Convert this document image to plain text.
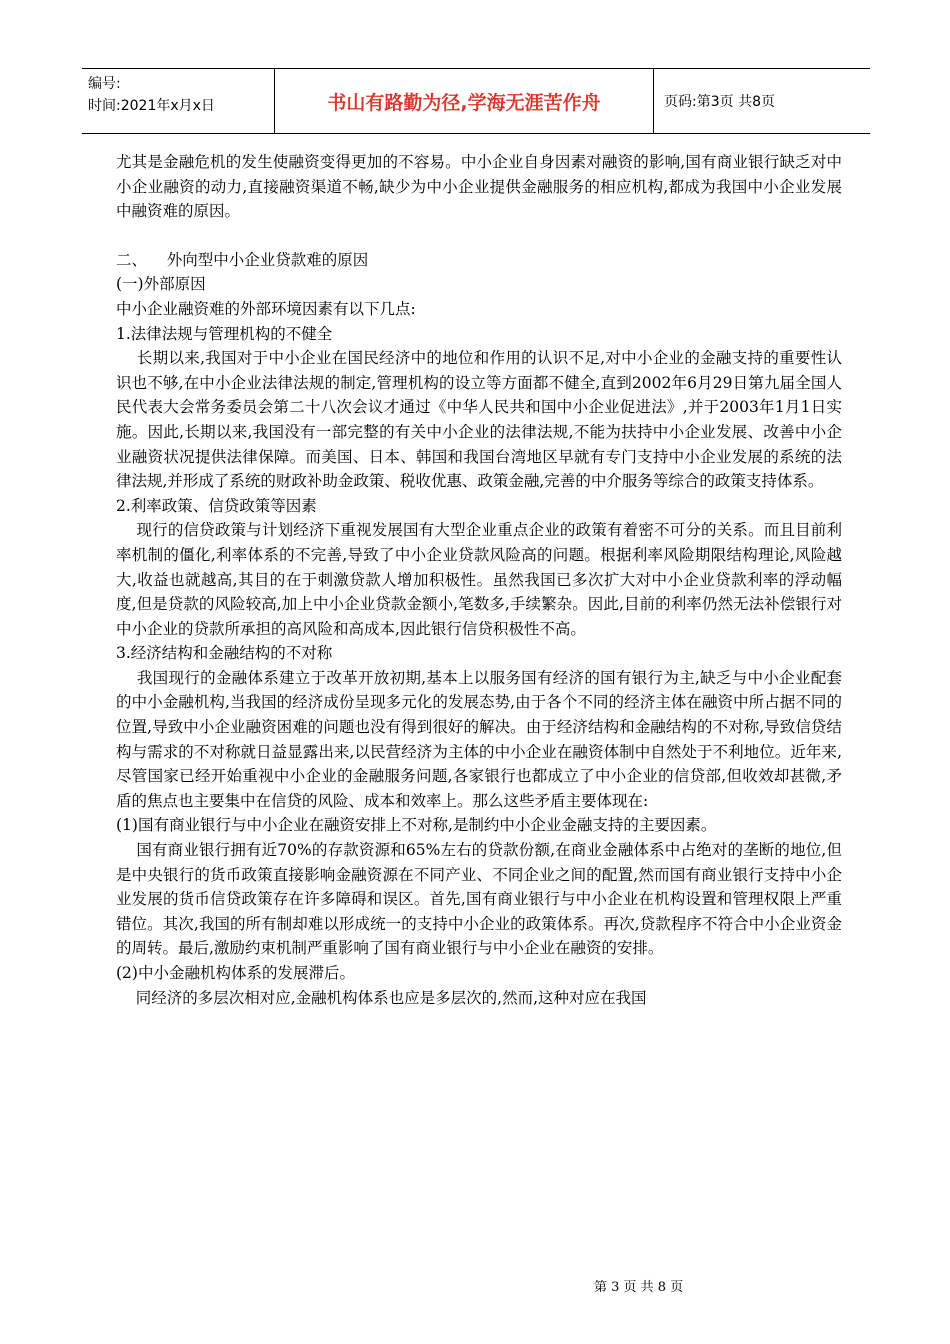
编号:
时间:2021年x月x日	书山有路勤为径,学海无涯苦作舟	页码:第3页 共8页

尤其是金融危机的发生使融资变得更加的不容易。中小企业自身因素对融资的影响,国有商业银行缺乏对中小企业融资的动力,直接融资渠道不畅,缺少为中小企业提供金融服务的相应机构,都成为我国中小企业发展中融资难的原因。

二、    外向型中小企业贷款难的原因

(一)外部原因

中小企业融资难的外部环境因素有以下几点:

1.法律法规与管理机构的不健全

长期以来,我国对于中小企业在国民经济中的地位和作用的认识不足,对中小企业的金融支持的重要性认识也不够,在中小企业法律法规的制定,管理机构的设立等方面都不健全,直到2002年6月29日第九届全国人民代表大会常务委员会第二十八次会议才通过《中华人民共和国中小企业促进法》,并于2003年1月1日实施。因此,长期以来,我国没有一部完整的有关中小企业的法律法规,不能为扶持中小企业发展、改善中小企业融资状况提供法律保障。而美国、日本、韩国和我国台湾地区早就有专门支持中小企业发展的系统的法律法规,并形成了系统的财政补助金政策、税收优惠、政策金融,完善的中介服务等综合的政策支持体系。

2.利率政策、信贷政策等因素

现行的信贷政策与计划经济下重视发展国有大型企业重点企业的政策有着密不可分的关系。而且目前利率机制的僵化,利率体系的不完善,导致了中小企业贷款风险高的问题。根据利率风险期限结构理论,风险越大,收益也就越高,其目的在于刺激贷款人增加积极性。虽然我国已多次扩大对中小企业贷款利率的浮动幅度,但是贷款的风险较高,加上中小企业贷款金额小,笔数多,手续繁杂。因此,目前的利率仍然无法补偿银行对中小企业的贷款所承担的高风险和高成本,因此银行信贷积极性不高。

3.经济结构和金融结构的不对称

我国现行的金融体系建立于改革开放初期,基本上以服务国有经济的国有银行为主,缺乏与中小企业配套的中小金融机构,当我国的经济成份呈现多元化的发展态势,由于各个不同的经济主体在融资中所占据不同的位置,导致中小企业融资困难的问题也没有得到很好的解决。由于经济结构和金融结构的不对称,导致信贷结构与需求的不对称就日益显露出来,以民营经济为主体的中小企业在融资体制中自然处于不利地位。近年来,尽管国家已经开始重视中小企业的金融服务问题,各家银行也都成立了中小企业的信贷部,但收效却甚微,矛盾的焦点也主要集中在信贷的风险、成本和效率上。那么这些矛盾主要体现在:

(1)国有商业银行与中小企业在融资安排上不对称,是制约中小企业金融支持的主要因素。

国有商业银行拥有近70%的存款资源和65%左右的贷款份额,在商业金融体系中占绝对的垄断的地位,但是中央银行的货币政策直接影响金融资源在不同产业、不同企业之间的配置,然而国有商业银行支持中小企业发展的货币信贷政策存在许多障碍和误区。首先,国有商业银行与中小企业在机构设置和管理权限上严重错位。其次,我国的所有制却难以形成统一的支持中小企业的政策体系。再次,贷款程序不符合中小企业资金的周转。最后,激励约束机制严重影响了国有商业银行与中小企业在融资的安排。

(2)中小金融机构体系的发展滞后。

同经济的多层次相对应,金融机构体系也应是多层次的,然而,这种对应在我国

第 3 页 共 8 页
